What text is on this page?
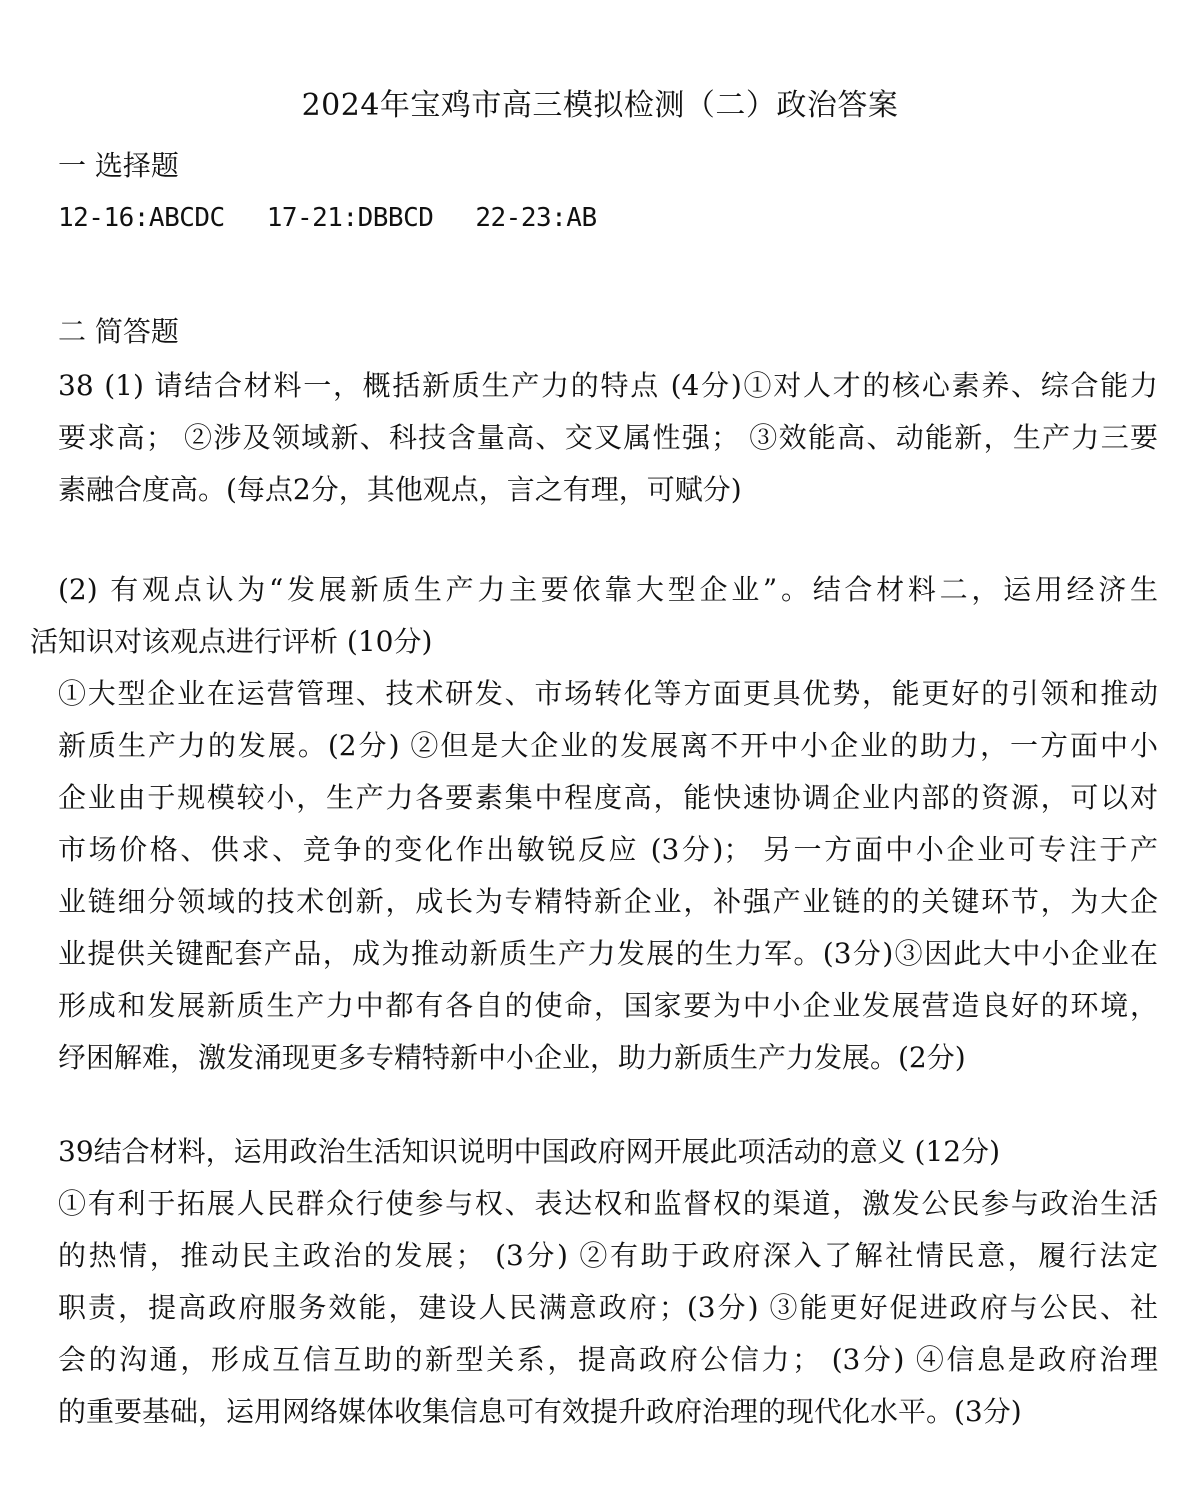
2024年宝鸡市高三模拟检测（二）政治答案
一 选择题
12-16:ABCDC 17-21:DBBCD 22-23:AB
二 简答题
38 (1) 请结合材料一，概括新质生产力的特点 (4分)①对人才的核心素养、综合能力
要求高； ②涉及领域新、科技含量高、交叉属性强； ③效能高、动能新，生产力三要
素融合度高。(每点2分，其他观点，言之有理，可赋分)
(2) 有观点认为“发展新质生产力主要依靠大型企业”。结合材料二，运用经济生
活知识对该观点进行评析 (10分)
①大型企业在运营管理、技术研发、市场转化等方面更具优势，能更好的引领和推动
新质生产力的发展。(2分) ②但是大企业的发展离不开中小企业的助力，一方面中小
企业由于规模较小，生产力各要素集中程度高，能快速协调企业内部的资源，可以对
市场价格、供求、竞争的变化作出敏锐反应 (3分)； 另一方面中小企业可专注于产
业链细分领域的技术创新，成长为专精特新企业，补强产业链的的关键环节，为大企
业提供关键配套产品，成为推动新质生产力发展的生力军。(3分)③因此大中小企业在
形成和发展新质生产力中都有各自的使命，国家要为中小企业发展营造良好的环境，
纾困解难，激发涌现更多专精特新中小企业，助力新质生产力发展。(2分)
39结合材料，运用政治生活知识说明中国政府网开展此项活动的意义 (12分)
①有利于拓展人民群众行使参与权、表达权和监督权的渠道，激发公民参与政治生活
的热情，推动民主政治的发展； (3分) ②有助于政府深入了解社情民意，履行法定
职责，提高政府服务效能，建设人民满意政府；(3分) ③能更好促进政府与公民、社
会的沟通，形成互信互助的新型关系，提高政府公信力； (3分) ④信息是政府治理
的重要基础，运用网络媒体收集信息可有效提升政府治理的现代化水平。(3分)
